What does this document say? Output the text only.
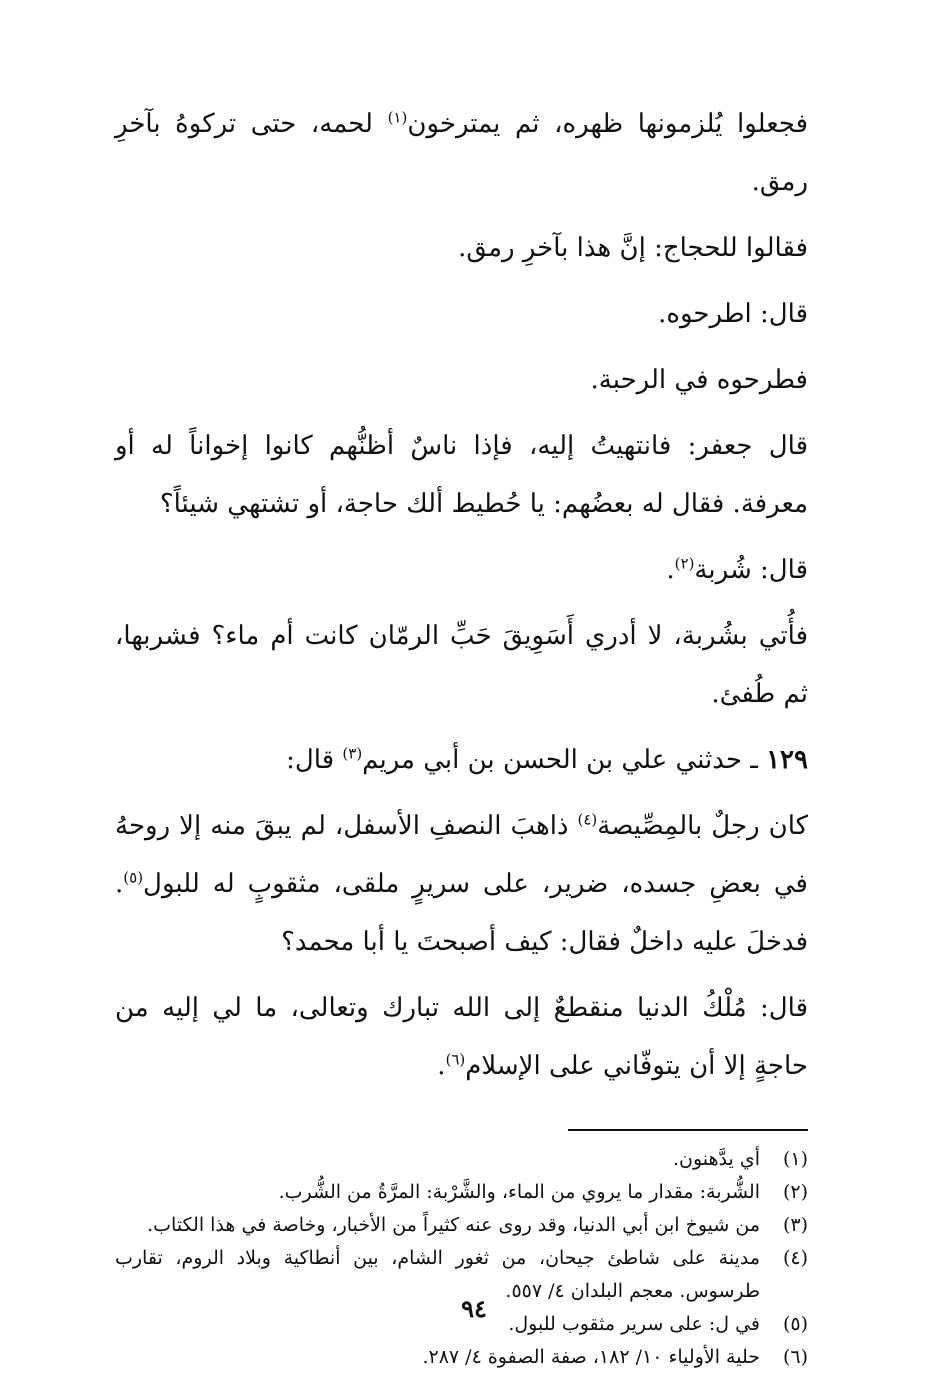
فجعلوا يُلزمونها ظهره، ثم يمترخون$^{(١)}$ لحمه، حتى تركوهُ بآخرِ رمق.

فقالوا للحجاج: إنَّ هذا بآخرِ رمق.

قال: اطرحوه.

فطرحوه في الرحبة.

قال جعفر: فانتهيتُ إليه، فإذا ناسٌ أظنُّهم كانوا إخواناً له أو معرفة. فقال له بعضُهم: يا حُطيط ألك حاجة، أو تشتهي شيئاً؟

قال: شُربة$^{(٢)}$.

فأُتي بشُربة، لا أدري أَسَوِيقَ حَبِّ الرمّان كانت أم ماء؟ فشربها، ثم طُفئ.

١٢٩ ـ حدثني علي بن الحسن بن أبي مريم$^{(٣)}$ قال:

كان رجلٌ بالمِصِّيصة$^{(٤)}$ ذاهبَ النصفِ الأسفل، لم يبقَ منه إلا روحهُ في بعضِ جسده، ضرير، على سريرٍ ملقى، مثقوبٍ له للبول$^{(٥)}$. فدخلَ عليه داخلٌ فقال: كيف أصبحتَ يا أبا محمد؟

قال: مُلْكُ الدنيا منقطعٌ إلى الله تبارك وتعالى، ما لي إليه من حاجةٍ إلا أن يتوفّاني على الإسلام$^{(٦)}$.

(١)
أي يدَّهنون.
(٢)
الشُّربة: مقدار ما يروي من الماء، والشَّرْبة: المرَّةُ من الشُّرب.
(٣)
من شيوخ ابن أبي الدنيا، وقد روى عنه كثيراً من الأخبار، وخاصة في هذا الكتاب.
(٤)
مدينة على شاطئ جيحان، من ثغور الشام، بين أنطاكية وبلاد الروم، تقارب طرسوس. معجم البلدان ٤/ ٥٥٧.
(٥)
في ل: على سرير مثقوب للبول.
(٦)
حلية الأولياء ١٠/ ١٨٢، صفة الصفوة ٤/ ٢٨٧.
٩٤
